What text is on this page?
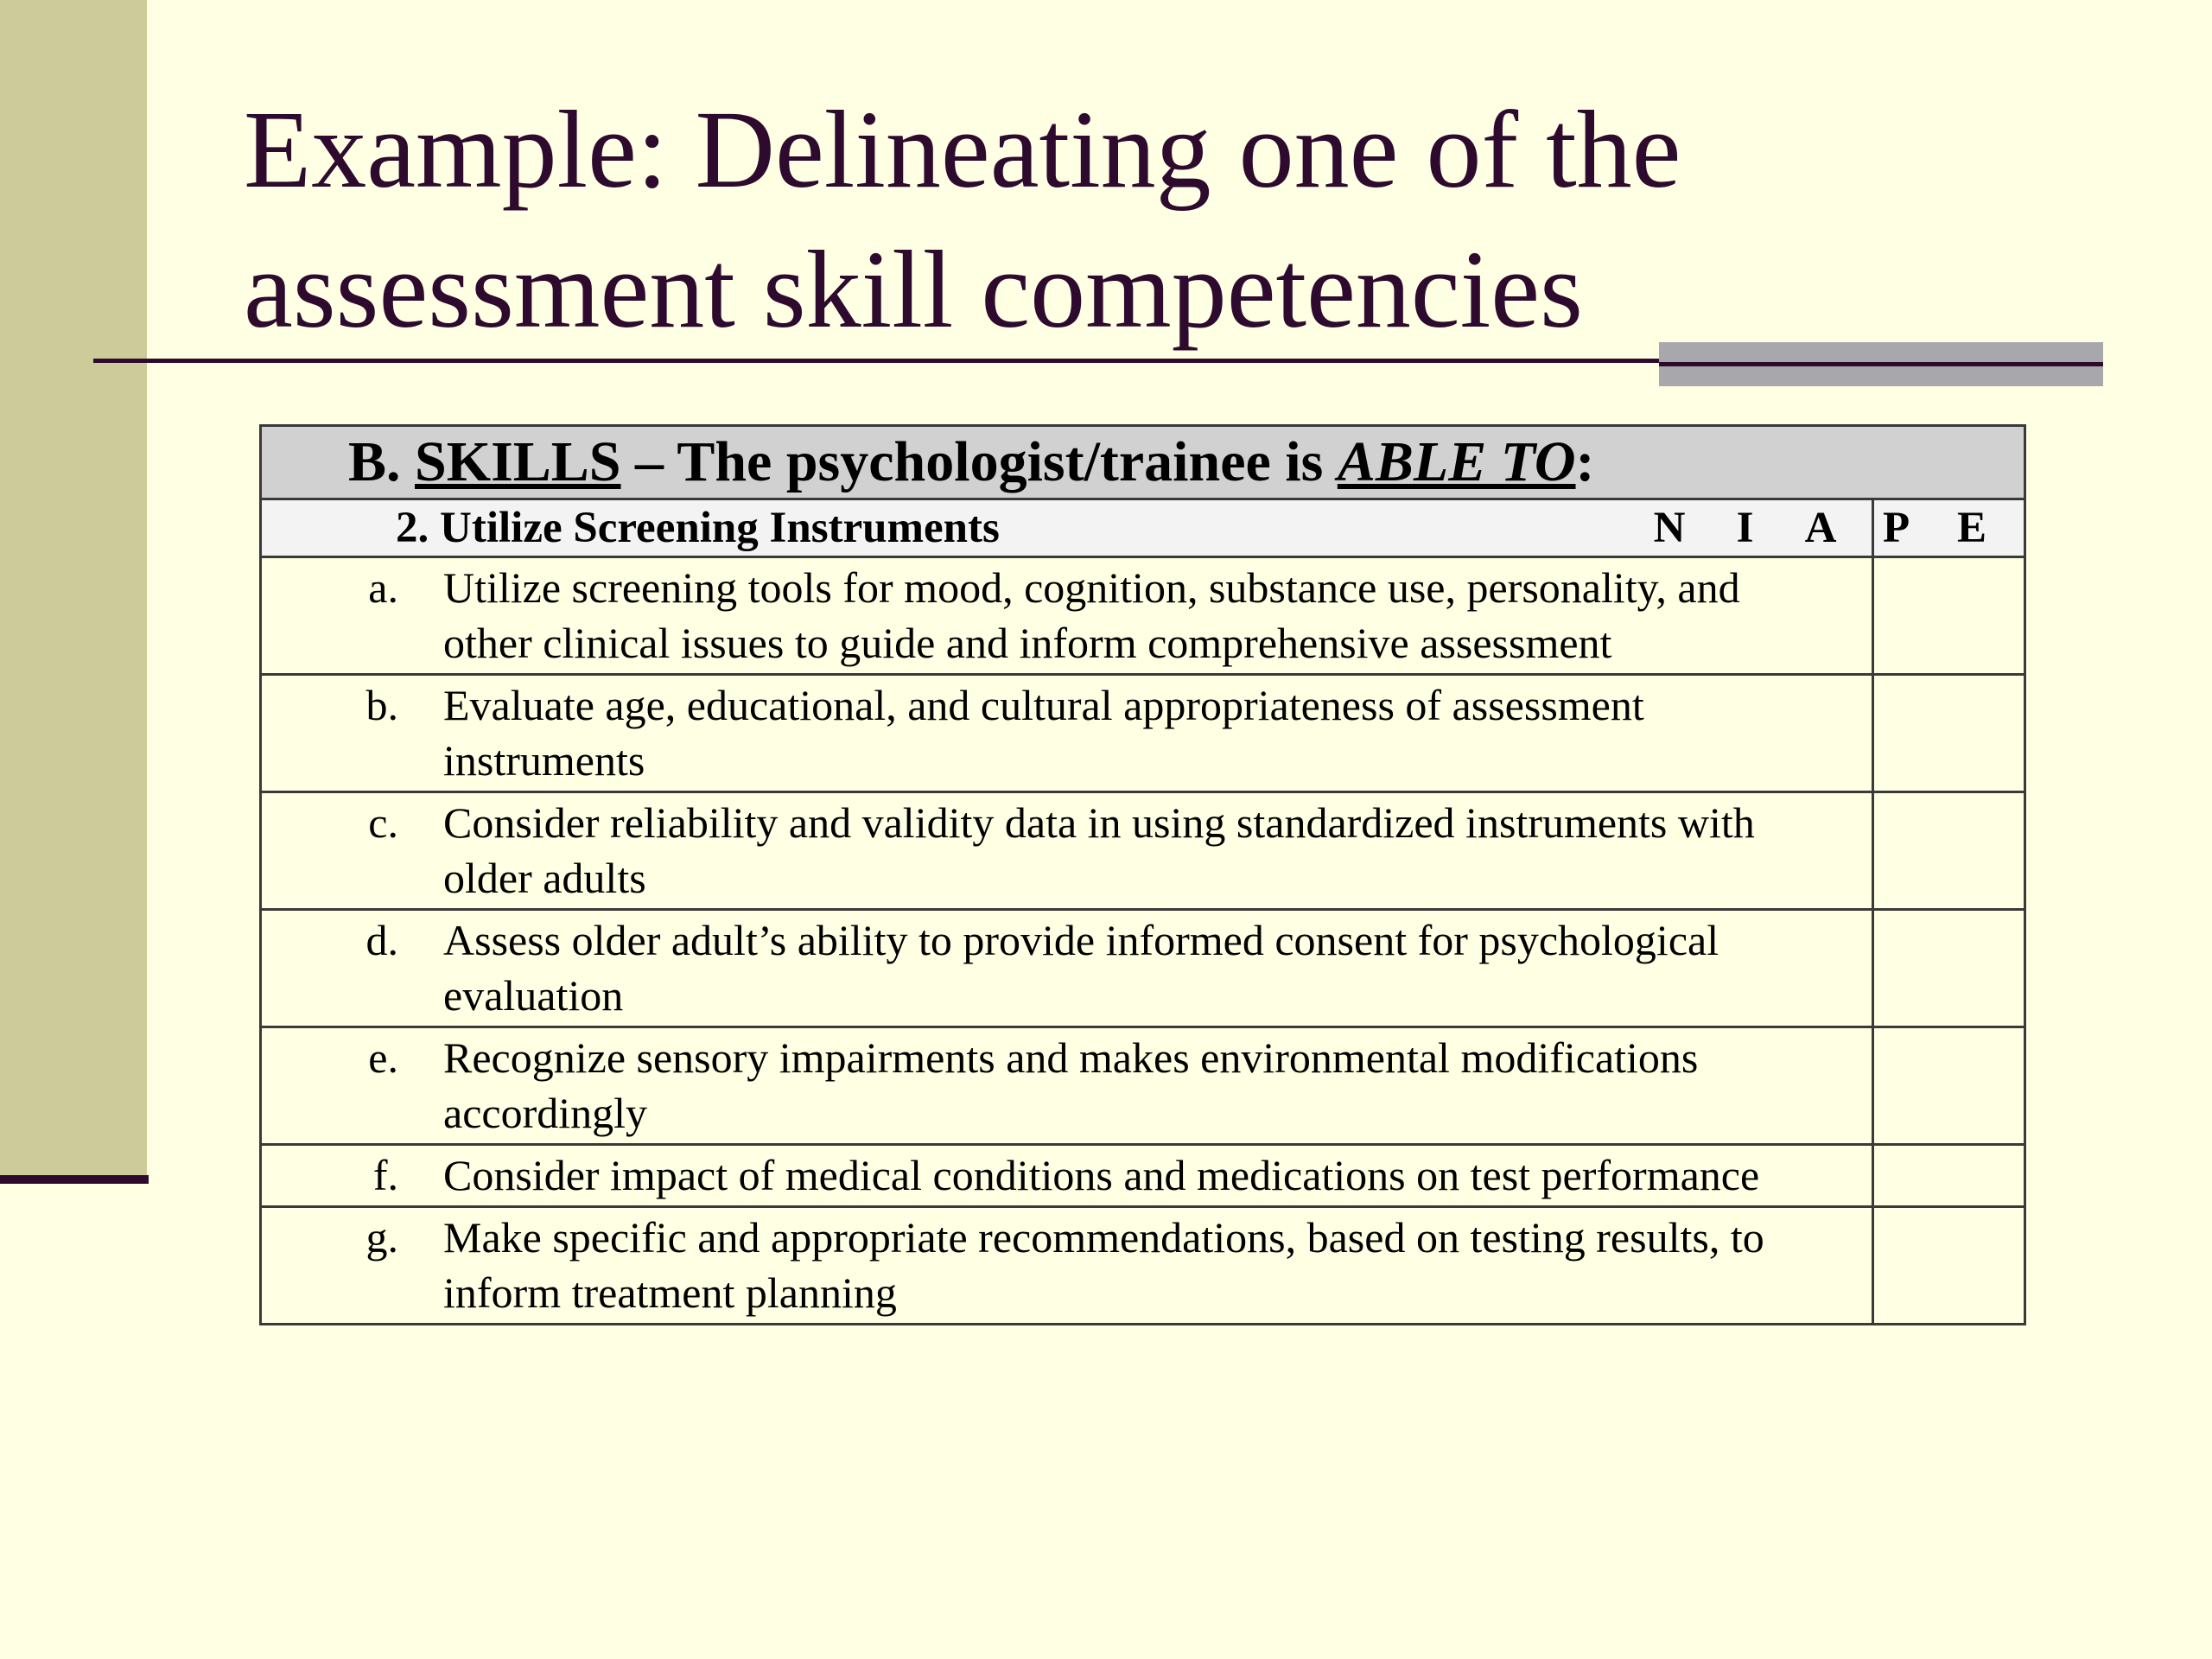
Example: Delineating one of the
assessment skill competencies
B. SKILLS – The psychologist/trainee is ABLE TO:	
2. Utilize Screening Instruments	N I A P E

a. Utilize screening tools for mood, cognition, substance use, personality, and other clinical issues to guide and inform comprehensive assessment	

b. Evaluate age, educational, and cultural appropriateness of assessment instruments	

c. Consider reliability and validity data in using standardized instruments with older adults	

d. Assess older adult’s ability to provide informed consent for psychological evaluation	

e. Recognize sensory impairments and makes environmental modifications accordingly	

f. Consider impact of medical conditions and medications on test performance	

g. Make specific and appropriate recommendations, based on testing results, to inform treatment planning	
